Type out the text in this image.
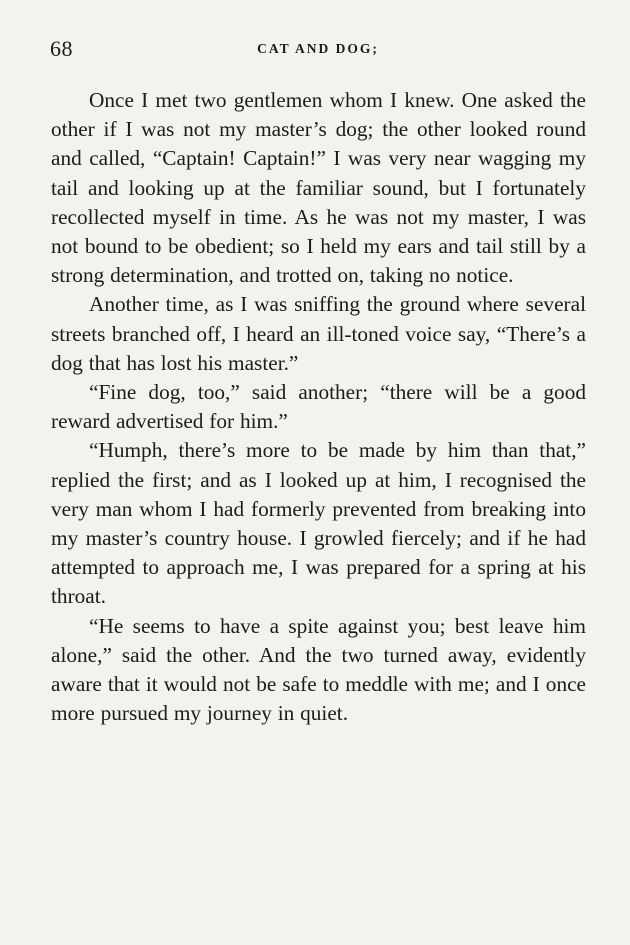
68	CAT AND DOG;

Once I met two gentlemen whom I knew. One asked the other if I was not my master’s dog; the other looked round and called, “Captain! Captain!” I was very near wagging my tail and looking up at the familiar sound, but I fortunately recollected myself in time. As he was not my master, I was not bound to be obedient; so I held my ears and tail still by a strong determination, and trotted on, taking no notice.

Another time, as I was sniffing the ground where several streets branched off, I heard an ill-toned voice say, “There’s a dog that has lost his master.”

“Fine dog, too,” said another; “there will be a good reward advertised for him.”

“Humph, there’s more to be made by him than that,” replied the first; and as I looked up at him, I recognised the very man whom I had formerly prevented from breaking into my master’s country house. I growled fiercely; and if he had attempted to approach me, I was prepared for a spring at his throat.

“He seems to have a spite against you; best leave him alone,” said the other. And the two turned away, evidently aware that it would not be safe to meddle with me; and I once more pursued my journey in quiet.
